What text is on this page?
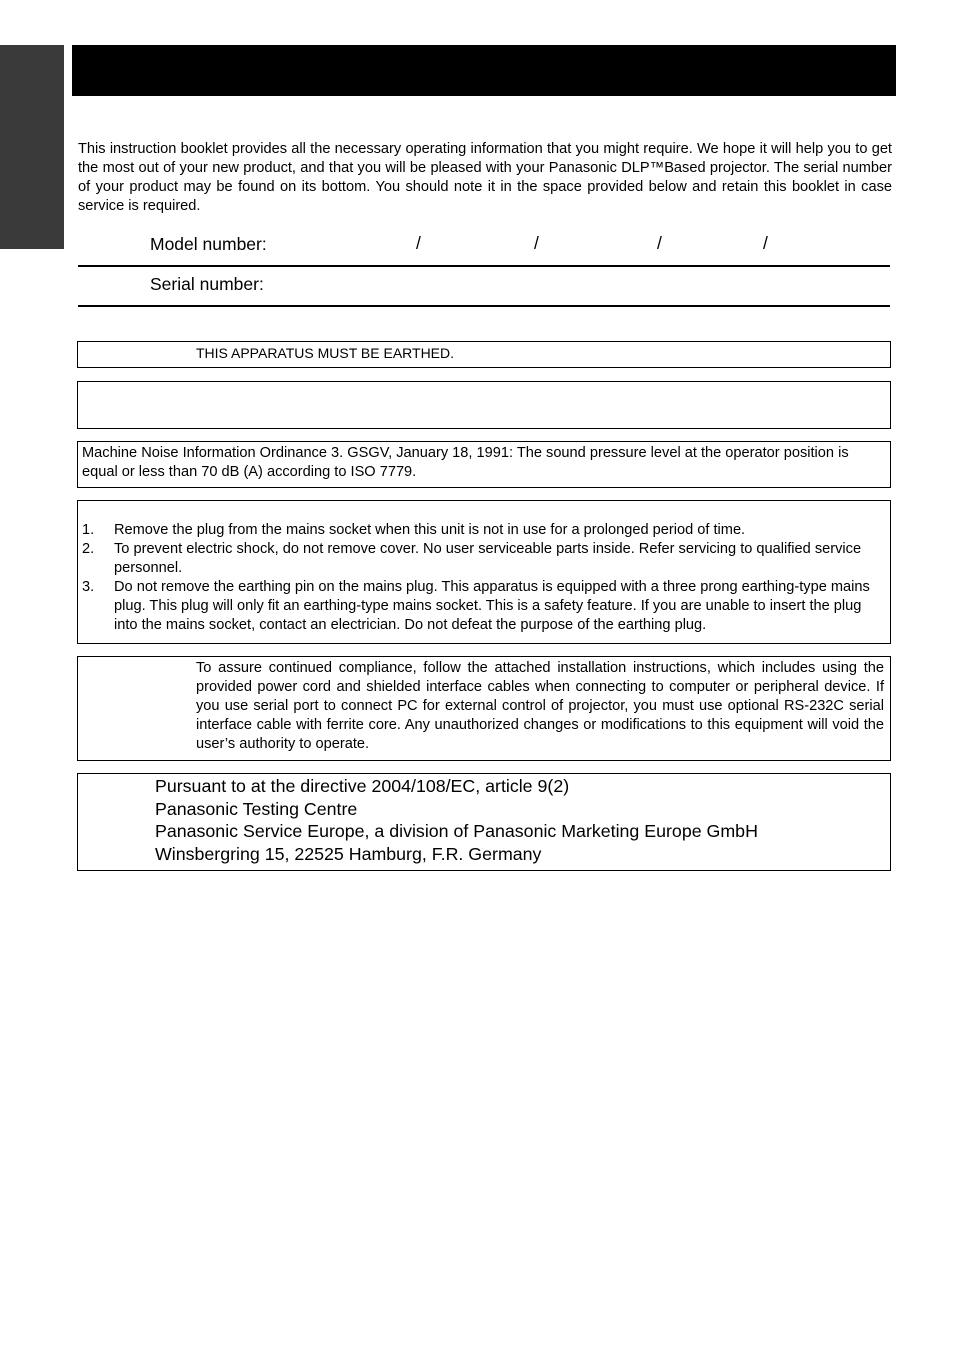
This instruction booklet provides all the necessary operating information that you might require. We hope it will help you to get the most out of your new product, and that you will be pleased with your Panasonic DLP™Based projector. The serial number of your product may be found on its bottom. You should note it in the space provided below and retain this booklet in case service is required.

Model number:	/	/	/	/
Serial number:
THIS APPARATUS MUST BE EARTHED.
Machine Noise Information Ordinance 3. GSGV, January 18, 1991: The sound pressure level at the operator position is equal or less than 70 dB (A) according to ISO 7779.
1. Remove the plug from the mains socket when this unit is not in use for a prolonged period of time.
2. To prevent electric shock, do not remove cover. No user serviceable parts inside. Refer servicing to qualified service personnel.
3. Do not remove the earthing pin on the mains plug. This apparatus is equipped with a three prong earthing-type mains plug. This plug will only fit an earthing-type mains socket. This is a safety feature. If you are unable to insert the plug into the mains socket, contact an electrician. Do not defeat the purpose of the earthing plug.
To assure continued compliance, follow the attached installation instructions, which includes using the provided power cord and shielded interface cables when connecting to computer or peripheral device. If you use serial port to connect PC for external control of projector, you must use optional RS-232C serial interface cable with ferrite core. Any unauthorized changes or modifications to this equipment will void the user’s authority to operate.
Pursuant to at the directive 2004/108/EC, article 9(2)
Panasonic Testing Centre
Panasonic Service Europe, a division of Panasonic Marketing Europe GmbH
Winsbergring 15, 22525 Hamburg, F.R. Germany
